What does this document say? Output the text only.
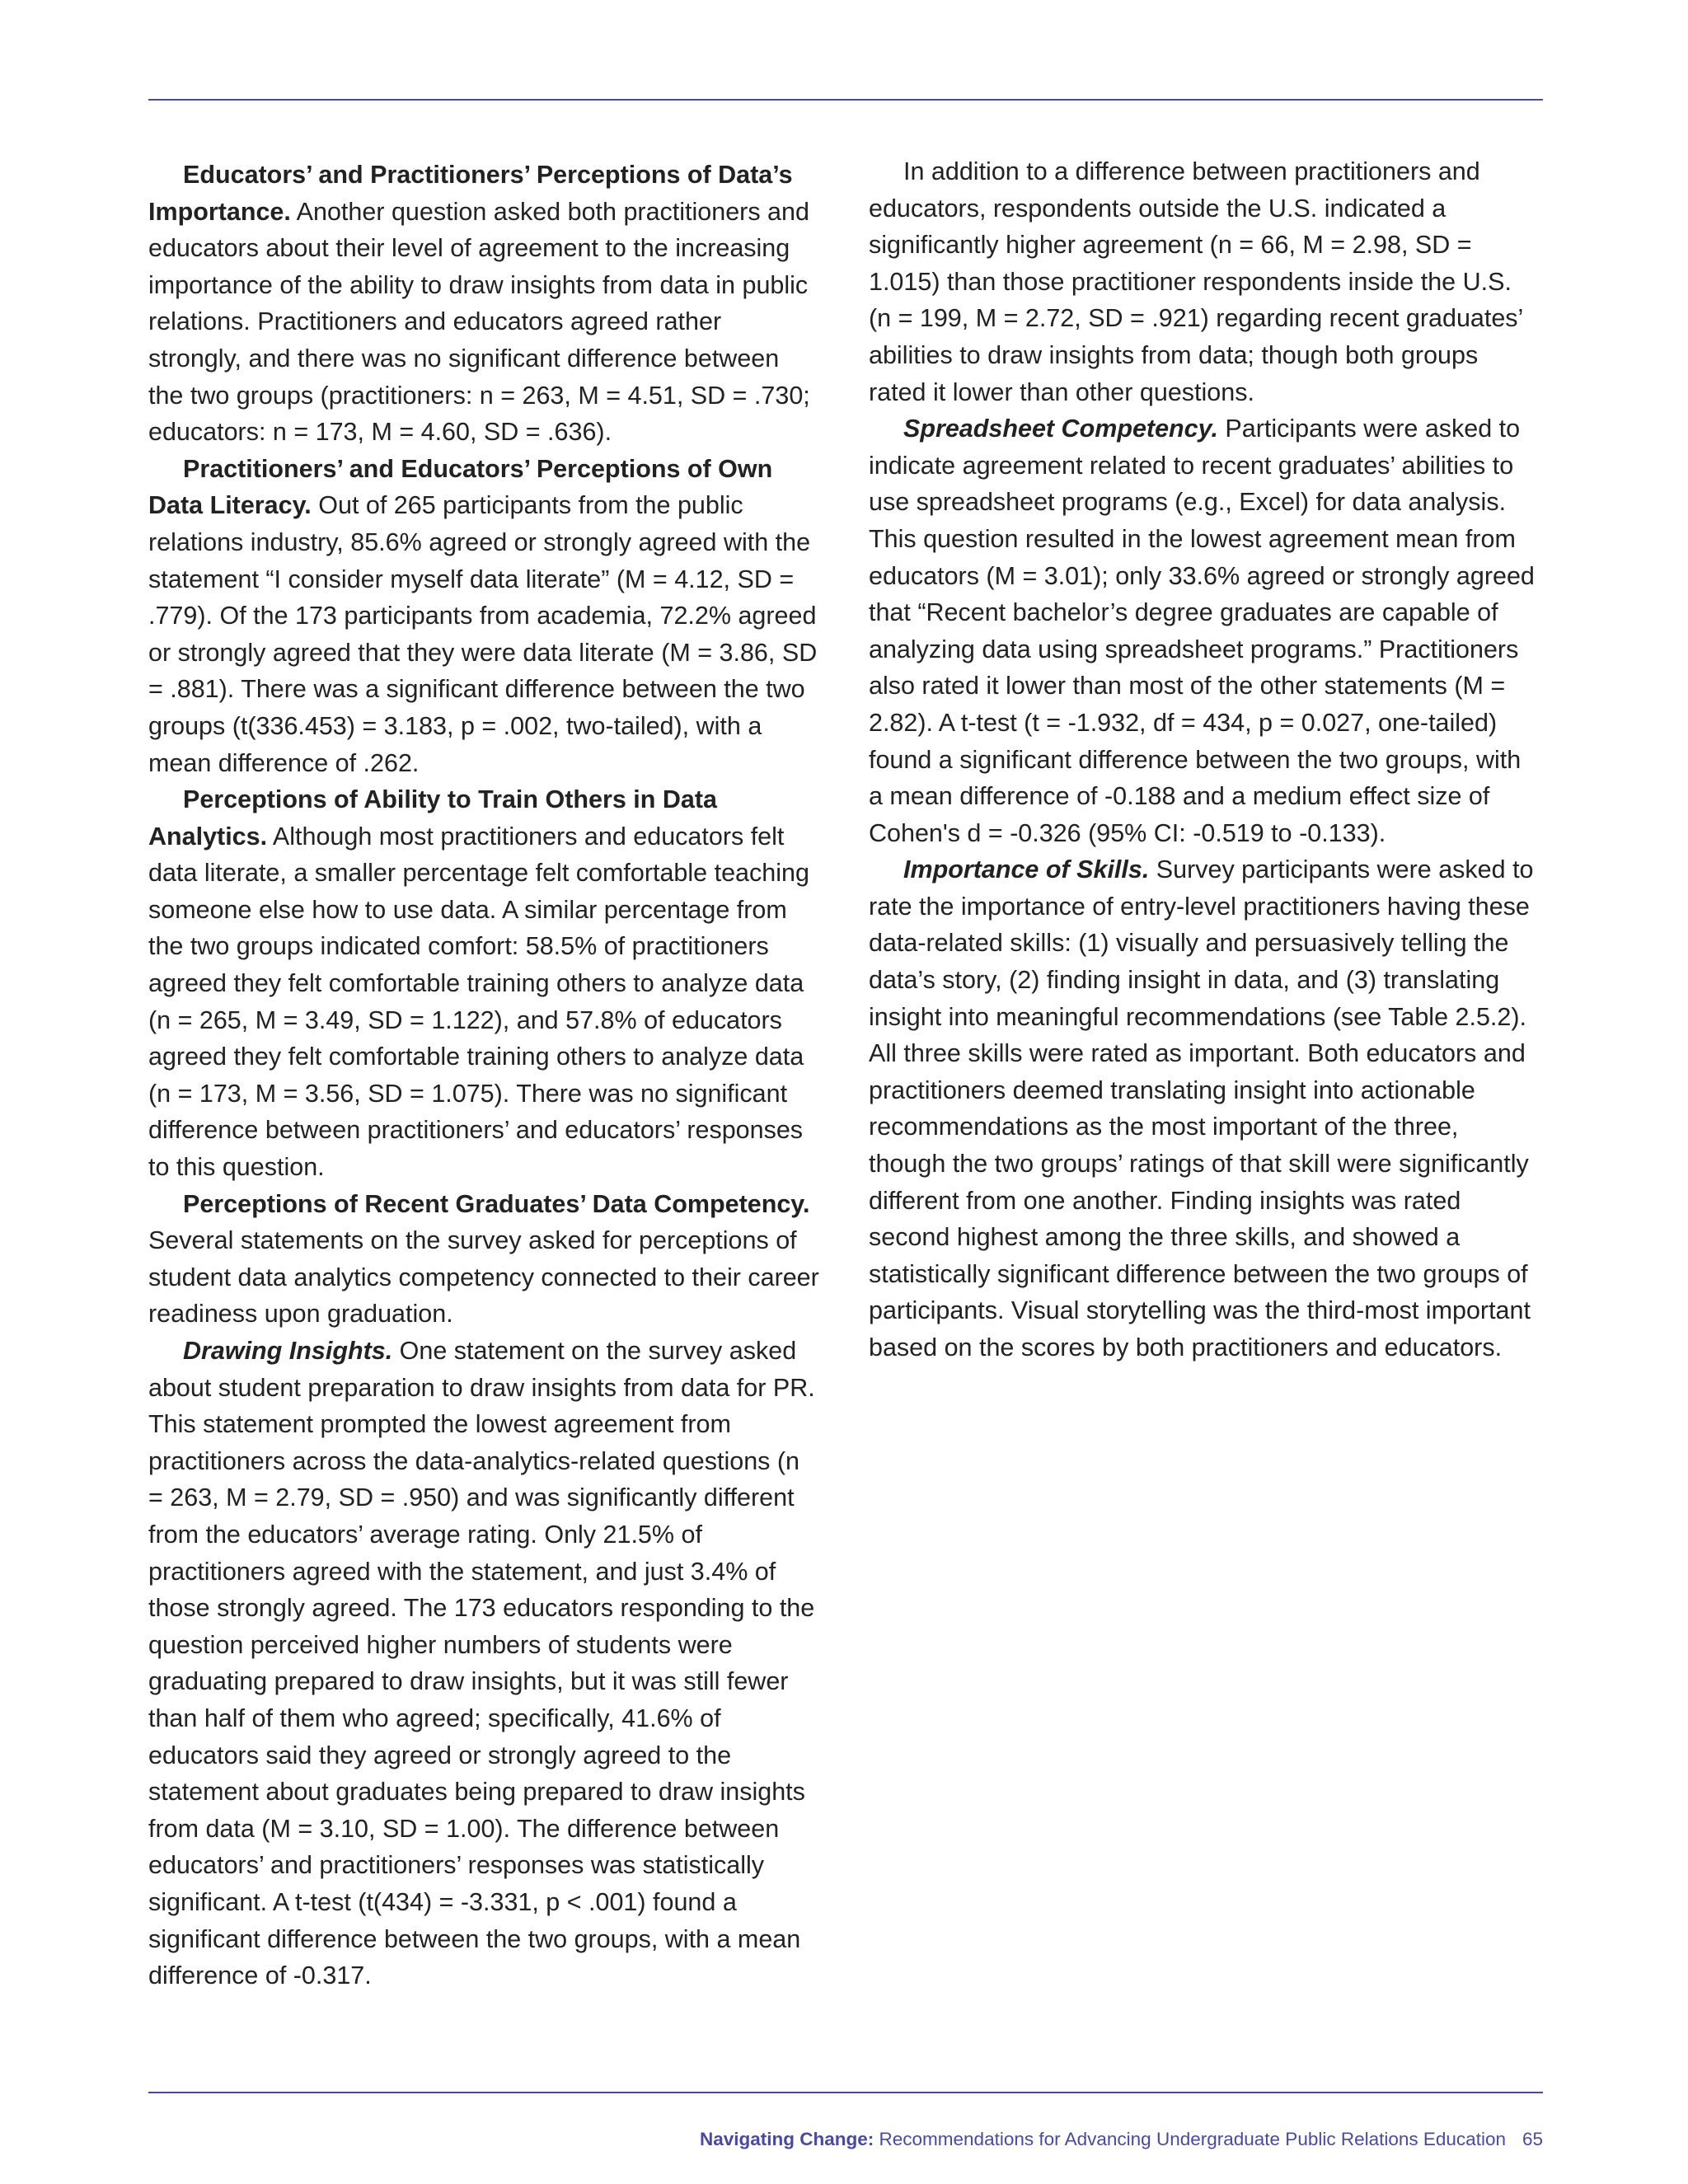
Educators’ and Practitioners’ Perceptions of Data’s Importance. Another question asked both practitioners and educators about their level of agreement to the increasing importance of the ability to draw insights from data in public relations. Practitioners and educators agreed rather strongly, and there was no significant difference between the two groups (practitioners: n = 263, M = 4.51, SD = .730; educators: n = 173, M = 4.60, SD = .636).

Practitioners’ and Educators’ Perceptions of Own Data Literacy. Out of 265 participants from the public relations industry, 85.6% agreed or strongly agreed with the statement “I consider myself data literate” (M = 4.12, SD = .779). Of the 173 participants from academia, 72.2% agreed or strongly agreed that they were data literate (M = 3.86, SD = .881). There was a significant difference between the two groups (t(336.453) = 3.183, p = .002, two-tailed), with a mean difference of .262.

Perceptions of Ability to Train Others in Data Analytics. Although most practitioners and educators felt data literate, a smaller percentage felt comfortable teaching someone else how to use data. A similar percentage from the two groups indicated comfort: 58.5% of practitioners agreed they felt comfortable training others to analyze data (n = 265, M = 3.49, SD = 1.122), and 57.8% of educators agreed they felt comfortable training others to analyze data (n = 173, M = 3.56, SD = 1.075). There was no significant difference between practitioners’ and educators’ responses to this question.

Perceptions of Recent Graduates’ Data Competency. Several statements on the survey asked for perceptions of student data analytics competency connected to their career readiness upon graduation.

Drawing Insights. One statement on the survey asked about student preparation to draw insights from data for PR. This statement prompted the lowest agreement from practitioners across the data-analytics-related questions (n = 263, M = 2.79, SD = .950) and was significantly different from the educators’ average rating. Only 21.5% of practitioners agreed with the statement, and just 3.4% of those strongly agreed. The 173 educators responding to the question perceived higher numbers of students were graduating prepared to draw insights, but it was still fewer than half of them who agreed; specifically, 41.6% of educators said they agreed or strongly agreed to the statement about graduates being prepared to draw insights from data (M = 3.10, SD = 1.00). The difference between educators’ and practitioners’ responses was statistically significant. A t-test (t(434) = -3.331, p < .001) found a significant difference between the two groups, with a mean difference of -0.317.

In addition to a difference between practitioners and educators, respondents outside the U.S. indicated a significantly higher agreement (n = 66, M = 2.98, SD = 1.015) than those practitioner respondents inside the U.S. (n = 199, M = 2.72, SD = .921) regarding recent graduates’ abilities to draw insights from data; though both groups rated it lower than other questions.

Spreadsheet Competency. Participants were asked to indicate agreement related to recent graduates’ abilities to use spreadsheet programs (e.g., Excel) for data analysis. This question resulted in the lowest agreement mean from educators (M = 3.01); only 33.6% agreed or strongly agreed that “Recent bachelor’s degree graduates are capable of analyzing data using spreadsheet programs.” Practitioners also rated it lower than most of the other statements (M = 2.82). A t-test (t = -1.932, df = 434, p = 0.027, one-tailed) found a significant difference between the two groups, with a mean difference of -0.188 and a medium effect size of Cohen's d = -0.326 (95% CI: -0.519 to -0.133).

Importance of Skills. Survey participants were asked to rate the importance of entry-level practitioners having these data-related skills: (1) visually and persuasively telling the data’s story, (2) finding insight in data, and (3) translating insight into meaningful recommendations (see Table 2.5.2). All three skills were rated as important. Both educators and practitioners deemed translating insight into actionable recommendations as the most important of the three, though the two groups’ ratings of that skill were significantly different from one another. Finding insights was rated second highest among the three skills, and showed a statistically significant difference between the two groups of participants. Visual storytelling was the third-most important based on the scores by both practitioners and educators.

Navigating Change: Recommendations for Advancing Undergraduate Public Relations Education 65
